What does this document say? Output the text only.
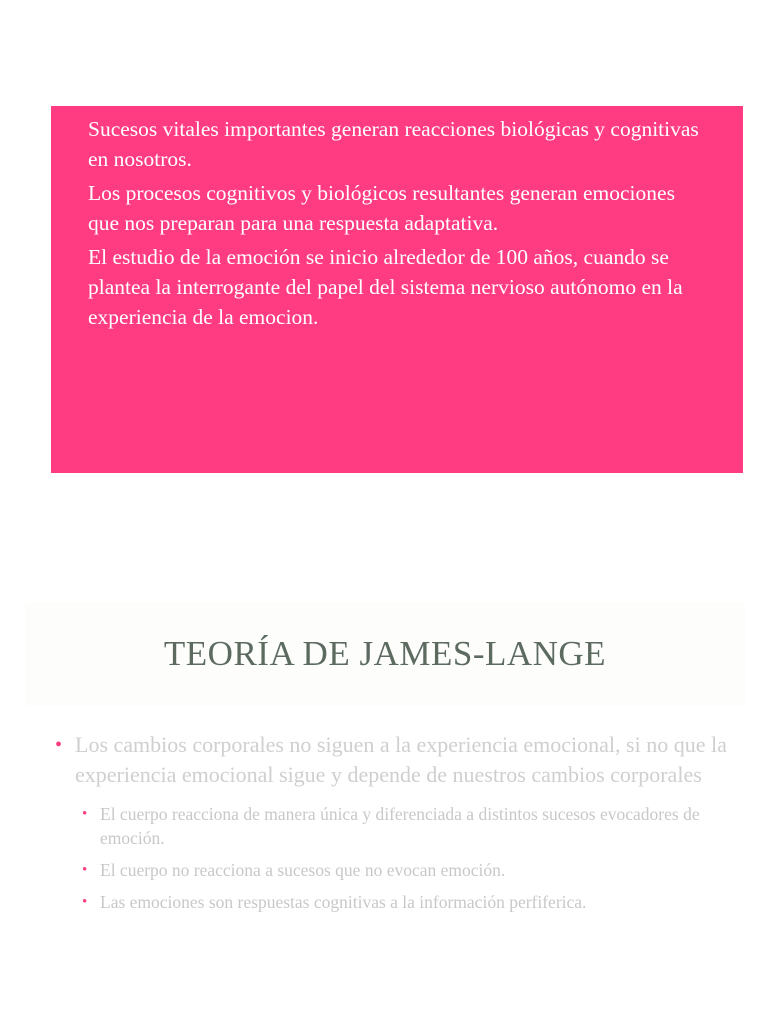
Sucesos vitales importantes generan reacciones biológicas y cognitivas en nosotros.

Los procesos cognitivos y biológicos resultantes generan emociones que nos preparan para una respuesta adaptativa.

El estudio de la emoción se inicio alrededor de 100 años, cuando se plantea la interrogante del papel del sistema nervioso autónomo en la experiencia de la emocion.

TEORÍA DE JAMES-LANGE
• Los cambios corporales no siguen a la experiencia emocional, si no que la experiencia emocional sigue y depende de nuestros cambios corporales
• El cuerpo reacciona de manera única y diferenciada a distintos sucesos evocadores de emoción.
• El cuerpo no reacciona a sucesos que no evocan emoción.
• Las emociones son respuestas cognitivas a la información perfiferica.
